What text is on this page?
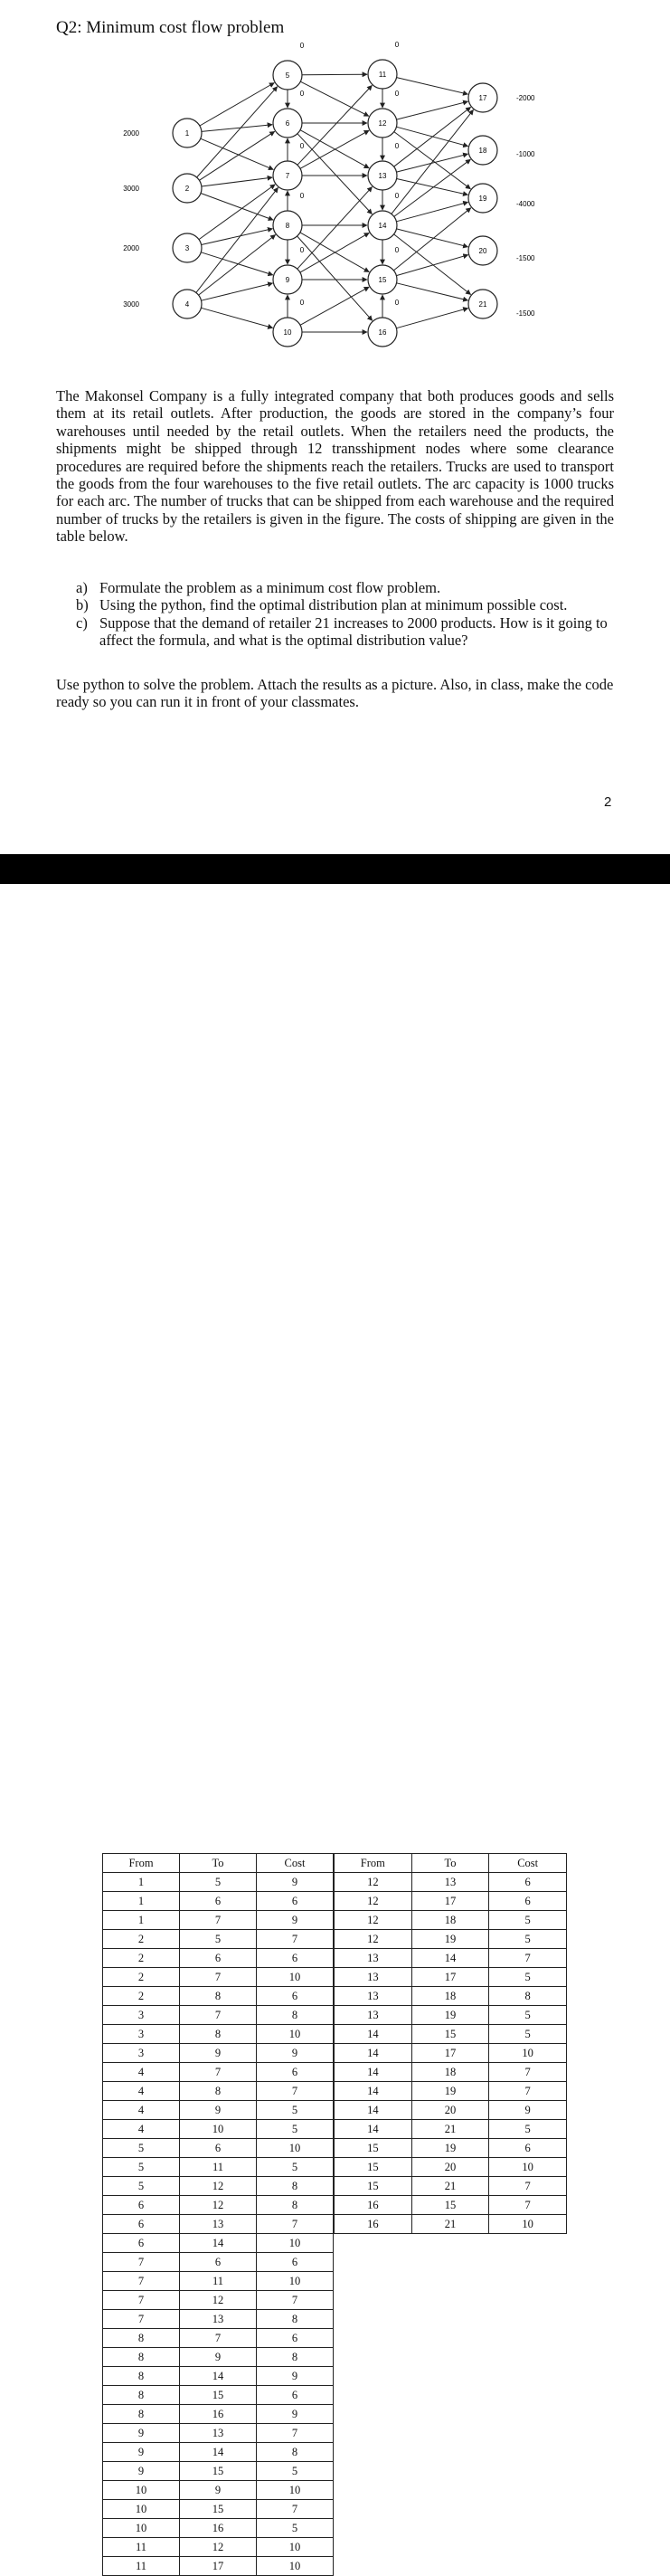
Q2: Minimum cost flow problem
1
2000
2
3000
3
2000
4
3000
5
0
6
0
7
0
8
0
9
0
10
0
11
0
12
0
13
0
14
0
15
0
16
0
17	-2000
18	-1000
19
-4000
20
-1500
21
-1500

The Makonsel Company is a fully integrated company that both produces goods and sells them at its retail outlets. After production, the goods are stored in the company’s four warehouses until needed by the retail outlets. When the retailers need the products, the shipments might be shipped through 12 transshipment nodes where some clearance procedures are required before the shipments reach the retailers. Trucks are used to transport the goods from the four warehouses to the five retail outlets. The arc capacity is 1000 trucks for each arc. The number of trucks that can be shipped from each warehouse and the required number of trucks by the retailers is given in the figure. The costs of shipping are given in the table below.

a) Formulate the problem as a minimum cost flow problem.
b) Using the python, find the optimal distribution plan at minimum possible cost.
c) Suppose that the demand of retailer 21 increases to 2000 products. How is it going to affect the formula, and what is the optimal distribution value?

Use python to solve the problem. Attach the results as a picture. Also, in class, make the code ready so you can run it in front of your classmates.

2
From	To	Cost
1	5	9
1	6	6
1	7	9
2	5	7
2	6	6
2	7	10
2	8	6
3	7	8
3	8	10
3	9	9
4	7	6
4	8	7
4	9	5
4	10	5
5	6	10
5	11	5
5	12	8
6	12	8
6	13	7
6	14	10
7	6	6
7	11	10
7	12	7
7	13	8
8	7	6
8	9	8
8	14	9
8	15	6
8	16	9
9	13	7
9	14	8
9	15	5
10	9	10
10	15	7
10	16	5
11	12	10
11	17	10
From	To	Cost
12	13	6
12	17	6
12	18	5
12	19	5
13	14	7
13	17	5
13	18	8
13	19	5
14	15	5
14	17	10
14	18	7
14	19	7
14	20	9
14	21	5
15	19	6
15	20	10
15	21	7
16	15	7
16	21	10
